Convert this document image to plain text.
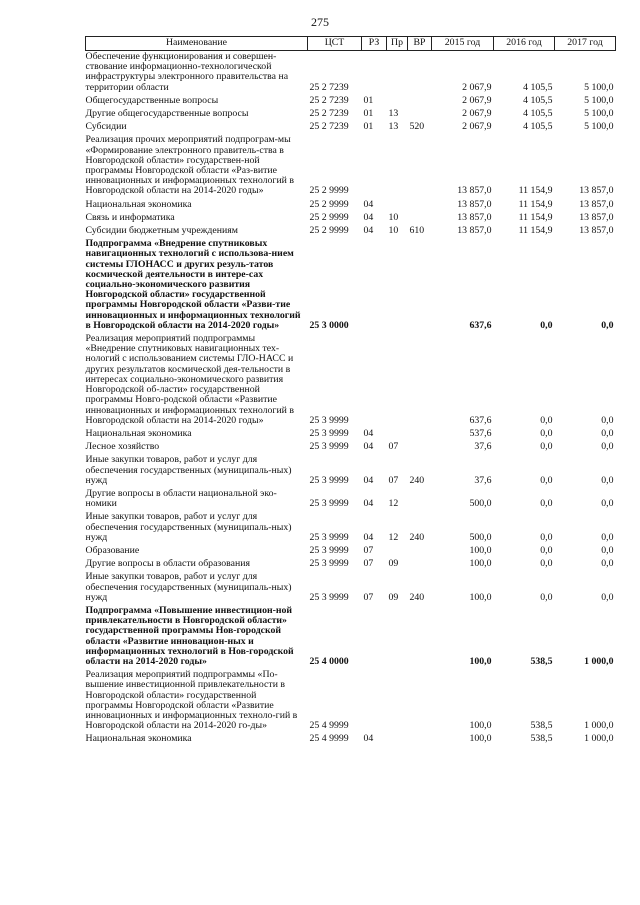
275
Наименование	ЦСТ	РЗ	Пр	ВР	2015 год	2016 год	2017 год
Обеспечение функционирования и совершен-ствование информационно-технологической инфраструктуры электронного правительства на территории области	25 2 7239				2 067,9	4 105,5	5 100,0
Общегосударственные вопросы	25 2 7239	01			2 067,9	4 105,5	5 100,0
Другие общегосударственные вопросы	25 2 7239	01	13		2 067,9	4 105,5	5 100,0
Субсидии	25 2 7239	01	13	520	2 067,9	4 105,5	5 100,0
Реализация прочих мероприятий подпрограм-мы «Формирование электронного правитель-ства в Новгородской области» государствен-ной программы Новгородской области «Раз-витие инновационных и информационных технологий в Новгородской области на 2014-2020 годы»	25 2 9999				13 857,0	11 154,9	13 857,0
Национальная экономика	25 2 9999	04			13 857,0	11 154,9	13 857,0
Связь и информатика	25 2 9999	04	10		13 857,0	11 154,9	13 857,0
Субсидии бюджетным учреждениям	25 2 9999	04	10	610	13 857,0	11 154,9	13 857,0
Подпрограмма «Внедрение спутниковых навигационных технологий с использова-нием системы ГЛОНАСС и других резуль-татов космической деятельности в интере-сах социально-экономического развития Новгородской области» государственной программы Новгородской области «Разви-тие инновационных и информационных технологий в Новгородской области на 2014-2020 годы»	25 3 0000				637,6	0,0	0,0
Реализация мероприятий подпрограммы «Внедрение спутниковых навигационных тех-нологий с использованием системы ГЛО-НАСС и других результатов космической дея-тельности в интересах социально-экономического развития Новгородской об-ласти» государственной программы Новго-родской области «Развитие инновационных и информационных технологий в Новгородской области на 2014-2020 годы»	25 3 9999				637,6	0,0	0,0
Национальная экономика	25 3 9999	04			537,6	0,0	0,0
Лесное хозяйство	25 3 9999	04	07		37,6	0,0	0,0
Иные закупки товаров, работ и услуг для обеспечения государственных (муниципаль-ных) нужд	25 3 9999	04	07	240	37,6	0,0	0,0
Другие вопросы в области национальной эко-номики	25 3 9999	04	12		500,0	0,0	0,0
Иные закупки товаров, работ и услуг для обеспечения государственных (муниципаль-ных) нужд	25 3 9999	04	12	240	500,0	0,0	0,0
Образование	25 3 9999	07			100,0	0,0	0,0
Другие вопросы в области образования	25 3 9999	07	09		100,0	0,0	0,0
Иные закупки товаров, работ и услуг для обеспечения государственных (муниципаль-ных) нужд	25 3 9999	07	09	240	100,0	0,0	0,0
Подпрограмма «Повышение инвестицион-ной привлекательности в Новгородской области» государственной программы Нов-городской области «Развитие инновацион-ных и информационных технологий в Нов-городской области на 2014-2020 годы»	25 4 0000				100,0	538,5	1 000,0
Реализация мероприятий подпрограммы «По-вышение инвестиционной привлекательности в Новгородской области» государственной программы Новгородской области «Развитие инновационных и информационных техноло-гий в Новгородской области на 2014-2020 го-ды»	25 4 9999				100,0	538,5	1 000,0
Национальная экономика	25 4 9999	04			100,0	538,5	1 000,0
